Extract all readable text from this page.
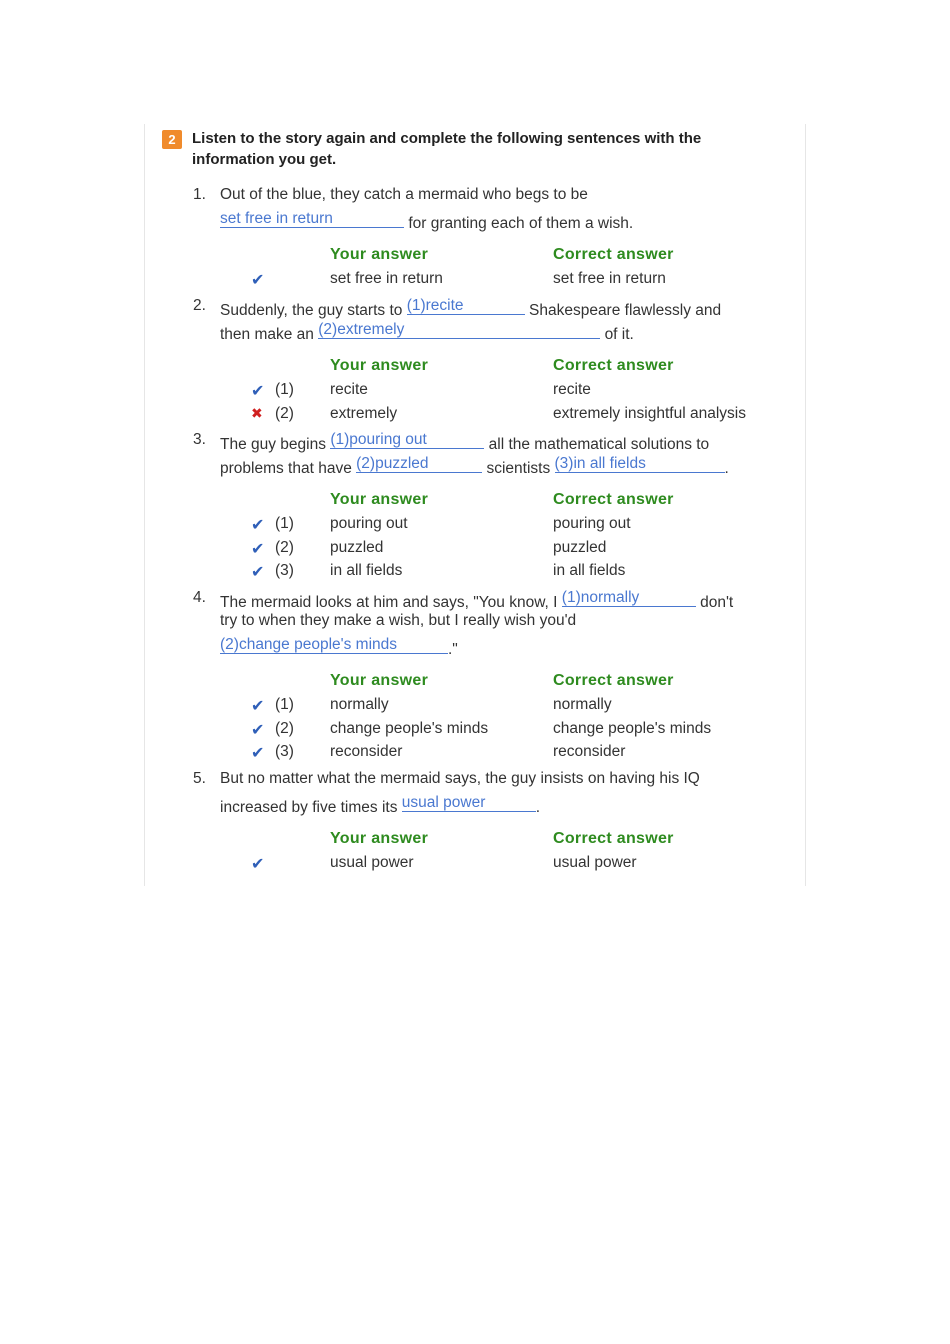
2	Listen to the story again and complete the following sentences with the information you get.
1. Out of the blue, they catch a mermaid who begs to be
set free in return	for granting each of them a wish.
Your answer	Correct answer
✔	set free in return	set free in return
2. Suddenly, the guy starts to (1)recite	Shakespeare flawlessly and
then make an (2)extremely	of it.
Your answer	Correct answer
✔ (1) recite	recite
✖ (2) extremely	extremely insightful analysis
3. The guy begins (1)pouring out	all the mathematical solutions to
problems that have (2)puzzled	scientists (3)in all fields	.
Your answer	Correct answer
✔ (1) pouring out	pouring out
✔ (2) puzzled	puzzled
✔ (3) in all fields	in all fields
4. The mermaid looks at him and says, "You know, I (1)normally	don't
try to when they make a wish, but I really wish you'd
(2)change people's minds	."
Your answer	Correct answer
✔ (1) normally	normally
✔ (2) change people's minds	change people's minds
✔ (3) reconsider	reconsider
5. But no matter what the mermaid says, the guy insists on having his IQ
increased by five times its usual power	.
Your answer	Correct answer
✔	usual power	usual power
